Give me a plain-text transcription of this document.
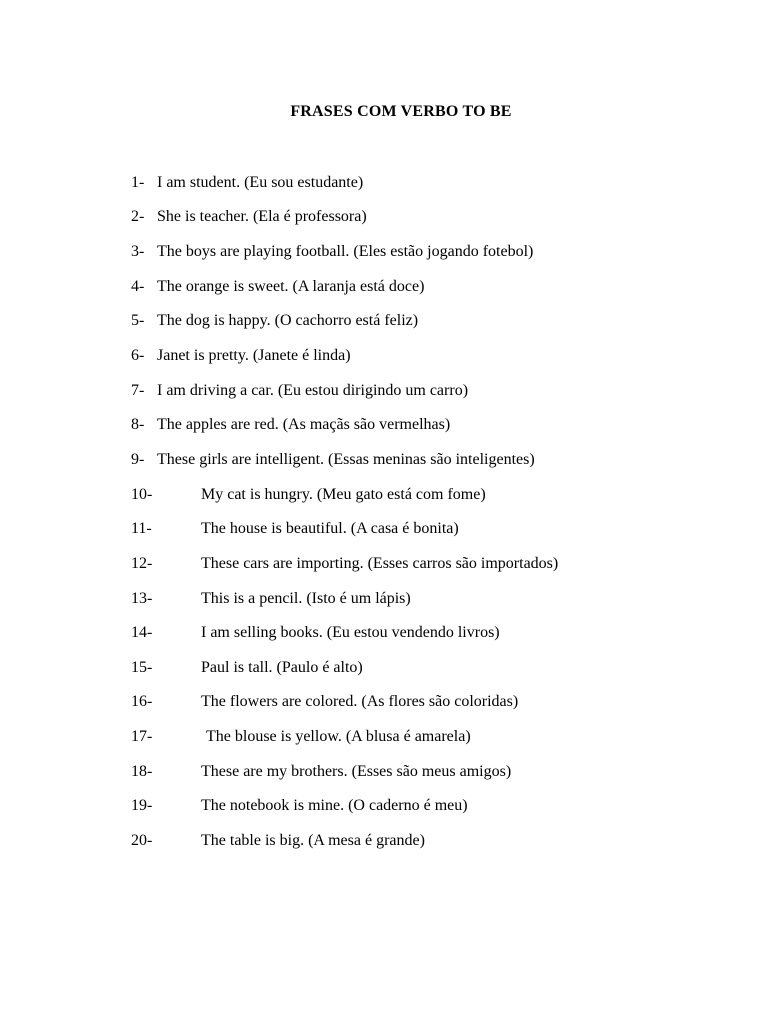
FRASES COM VERBO TO BE
1- I am student. (Eu sou estudante)
2- She is teacher. (Ela é professora)
3- The boys are playing football. (Eles estão jogando fotebol)
4- The orange is sweet. (A laranja está doce)
5- The dog is happy. (O cachorro está feliz)
6- Janet is pretty. (Janete é linda)
7- I am driving a car. (Eu estou dirigindo um carro)
8- The apples are red. (As maçãs são vermelhas)
9- These girls are intelligent. (Essas meninas são inteligentes)
10-	My cat is hungry. (Meu gato está com fome)
11-	The house is beautiful. (A casa é bonita)
12-	These cars are importing. (Esses carros são importados)
13-	This is a pencil. (Isto é um lápis)
14-	I am selling books. (Eu estou vendendo livros)
15-	Paul is tall. (Paulo é alto)
16-	The flowers are colored. (As flores são coloridas)
17-	The blouse is yellow. (A blusa é amarela)
18-	These are my brothers. (Esses são meus amigos)
19-	The notebook is mine. (O caderno é meu)
20-	The table is big. (A mesa é grande)
